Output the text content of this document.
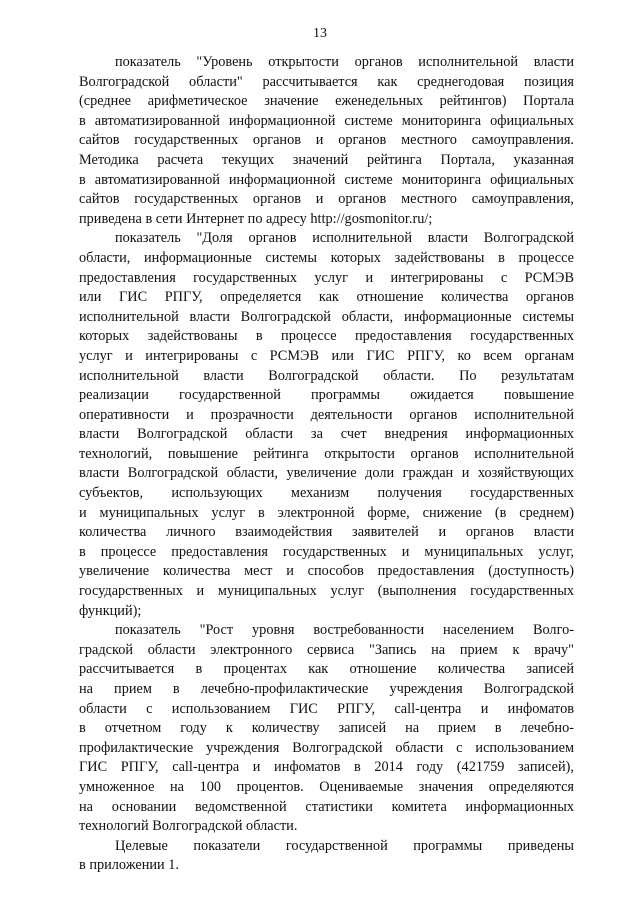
13
показатель "Уровень открытости органов исполнительной власти
Волгоградской области" рассчитывается как среднегодовая позиция
(среднее арифметическое значение еженедельных рейтингов) Портала
в автоматизированной информационной системе мониторинга официальных
сайтов государственных органов и органов местного самоуправления.
Методика расчета текущих значений рейтинга Портала, указанная
в автоматизированной информационной системе мониторинга официальных
сайтов государственных органов и органов местного самоуправления,
приведена в сети Интернет по адресу http://gosmonitor.ru/;
показатель "Доля органов исполнительной власти Волгоградской
области, информационные системы которых задействованы в процессе
предоставления государственных услуг и интегрированы с РСМЭВ
или ГИС РПГУ, определяется как отношение количества органов
исполнительной власти Волгоградской области, информационные системы
которых задействованы в процессе предоставления государственных
услуг и интегрированы с РСМЭВ или ГИС РПГУ, ко всем органам
исполнительной власти Волгоградской области. По результатам
реализации государственной программы ожидается повышение
оперативности и прозрачности деятельности органов исполнительной
власти Волгоградской области за счет внедрения информационных
технологий, повышение рейтинга открытости органов исполнительной
власти Волгоградской области, увеличение доли граждан и хозяйствующих
субъектов, использующих механизм получения государственных
и муниципальных услуг в электронной форме, снижение (в среднем)
количества личного взаимодействия заявителей и органов власти
в процессе предоставления государственных и муниципальных услуг,
увеличение количества мест и способов предоставления (доступность)
государственных и муниципальных услуг (выполнения государственных
функций);
показатель "Рост уровня востребованности населением Волго-
градской области электронного сервиса "Запись на прием к врачу"
рассчитывается в процентах как отношение количества записей
на прием в лечебно-профилактические учреждения Волгоградской
области с использованием ГИС РПГУ, call-центра и инфоматов
в отчетном году к количеству записей на прием в лечебно-
профилактические учреждения Волгоградской области с использованием
ГИС РПГУ, call-центра и инфоматов в 2014 году (421759 записей),
умноженное на 100 процентов. Оцениваемые значения определяются
на основании ведомственной статистики комитета информационных
технологий Волгоградской области.
Целевые показатели государственной программы приведены
в приложении 1.
